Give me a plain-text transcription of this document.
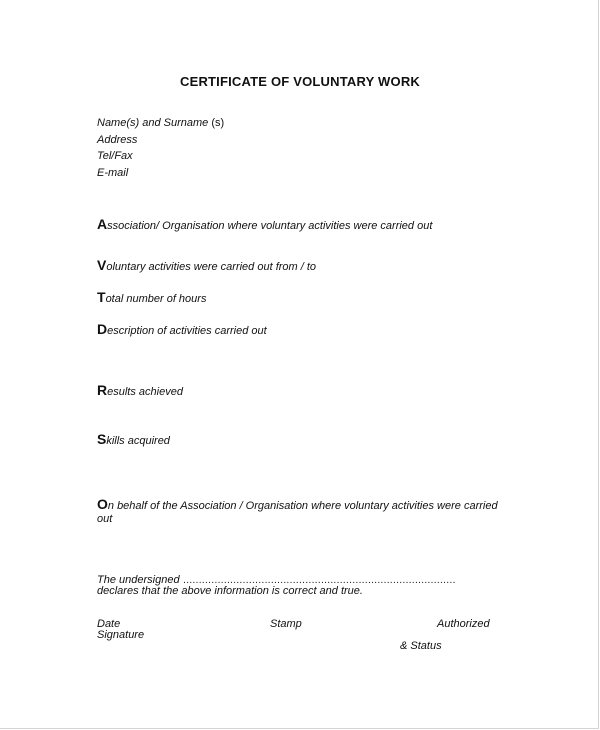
CERTIFICATE OF VOLUNTARY WORK
Name(s) and Surname (s)
Address
Tel/Fax
E-mail
Association/ Organisation where voluntary activities were carried out
Voluntary activities were carried out from / to
Total number of hours
Description of activities carried out
Results achieved
Skills acquired
On behalf of the Association / Organisation where voluntary activities were carried out
The undersigned ……………………………………………………………………………
declares that the above information is correct and true.
Date	Stamp	Authorized
Signature
& Status
